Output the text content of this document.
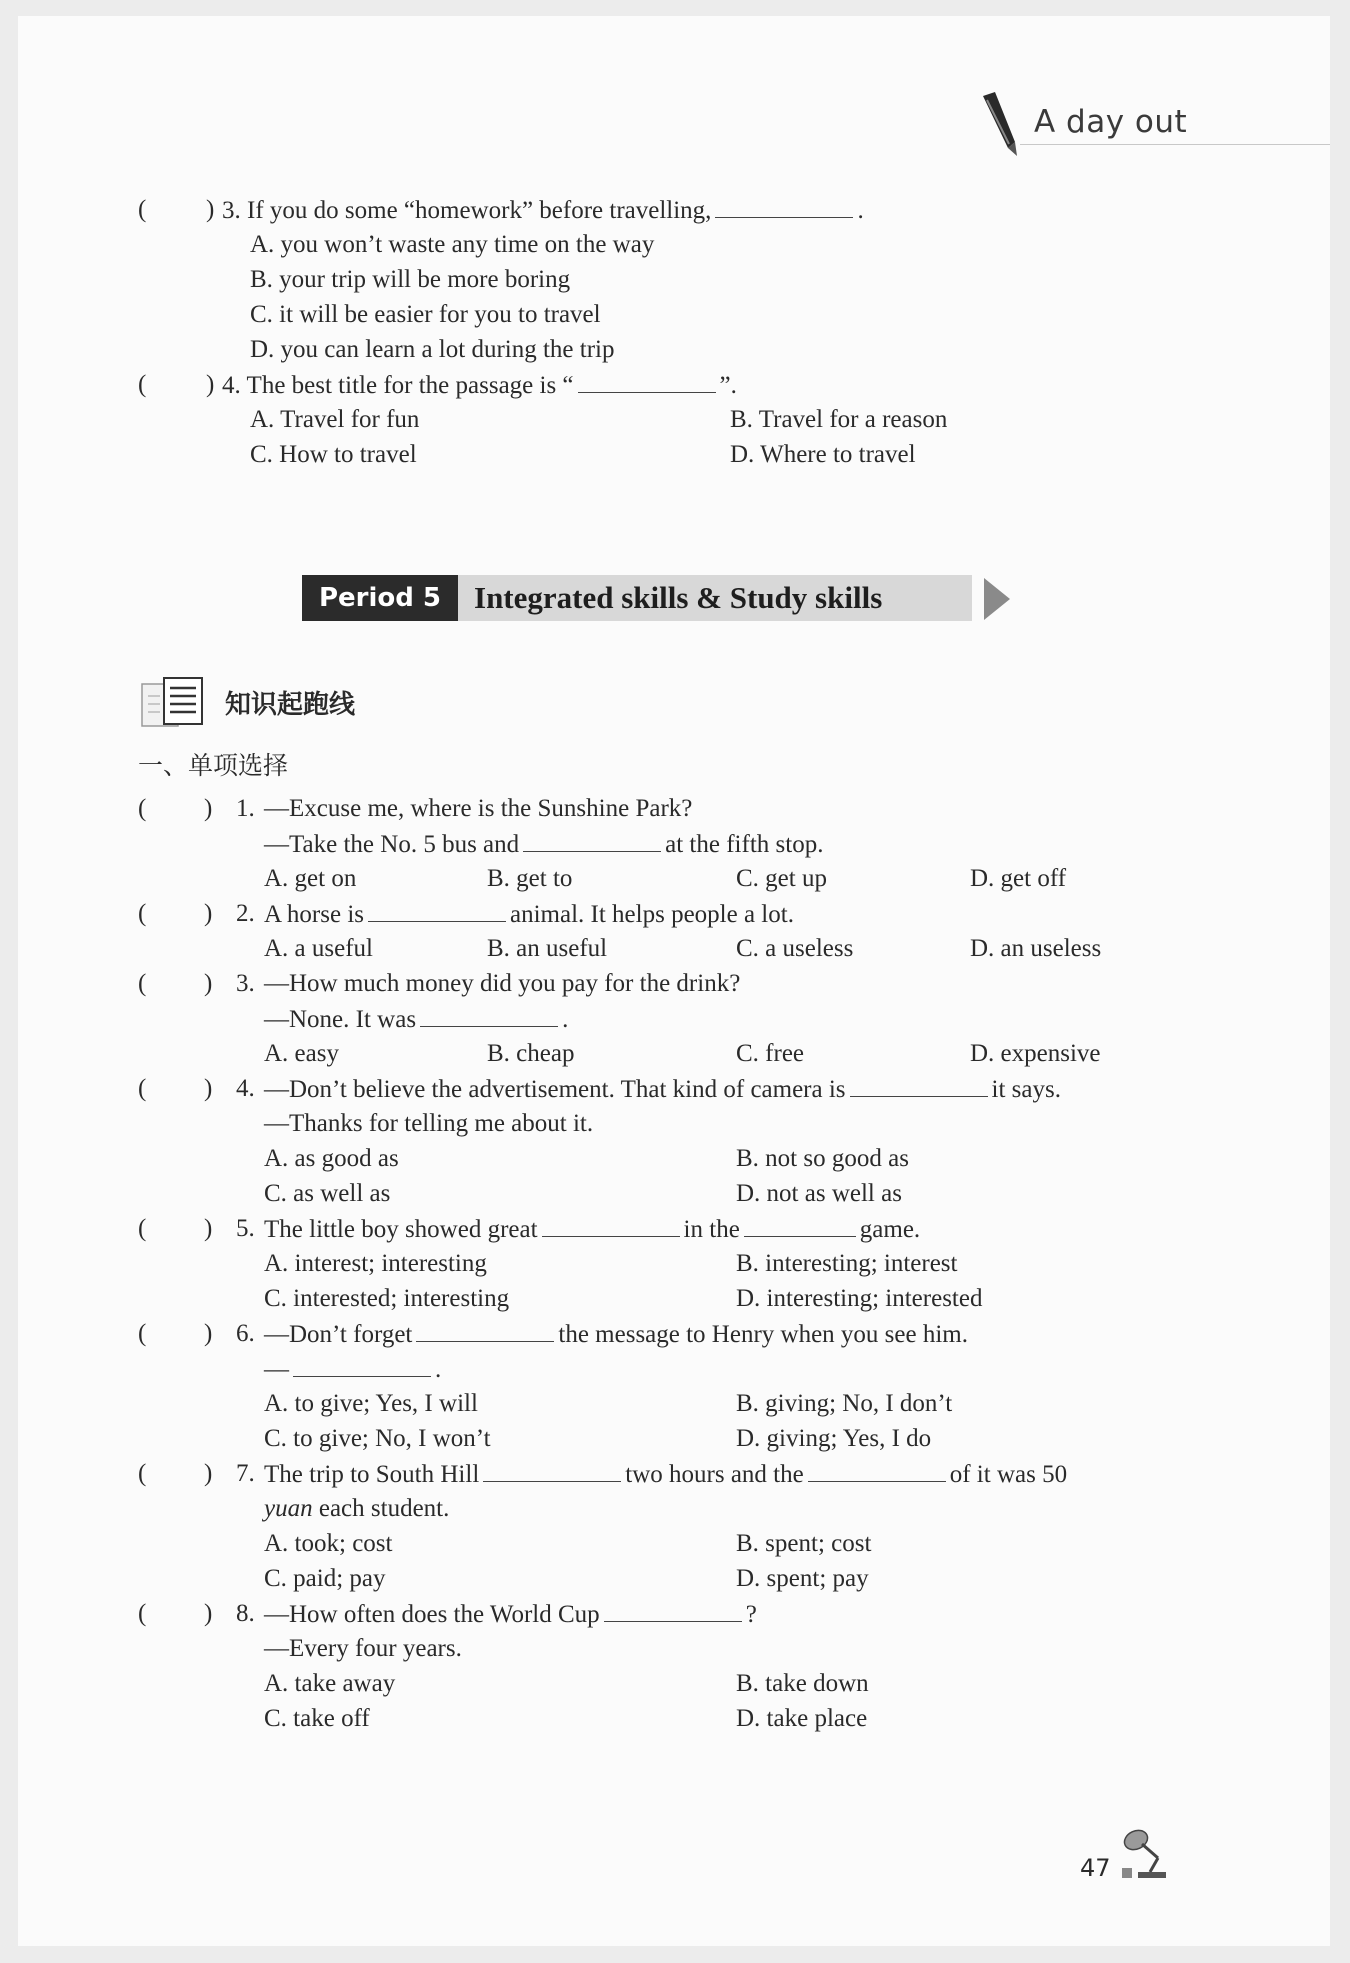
A day out
( ) 3. If you do some “homework” before travelling,	.
A. you won’t waste any time on the way
B. your trip will be more boring
C. it will be easier for you to travel
D. you can learn a lot during the trip
( ) 4. The best title for the passage is “	”.
A. Travel for fun	B. Travel for a reason
C. How to travel	D. Where to travel
Period 5	Integrated skills & Study skills
知识起跑线
一、单项选择
( ) 1. —Excuse me, where is the Sunshine Park?
—Take the No. 5 bus and	at the fifth stop.
A. get on	B. get to	C. get up	D. get off
( ) 2. A horse is	animal. It helps people a lot.
A. a useful	B. an useful	C. a useless	D. an useless
( ) 3. —How much money did you pay for the drink?
—None. It was	.
A. easy	B. cheap	C. free	D. expensive
( ) 4. —Don’t believe the advertisement. That kind of camera is	it says.
—Thanks for telling me about it.
A. as good as	B. not so good as
C. as well as	D. not as well as
( ) 5. The little boy showed great	in the	game.
A. interest; interesting	B. interesting; interest
C. interested; interesting	D. interesting; interested
( ) 6. —Don’t forget	the message to Henry when you see him.
—	.
A. to give; Yes, I will	B. giving; No, I don’t
C. to give; No, I won’t	D. giving; Yes, I do
( ) 7. The trip to South Hill	two hours and the	of it was 50
yuan each student.
A. took; cost	B. spent; cost
C. paid; pay	D. spent; pay
( ) 8. —How often does the World Cup	?
—Every four years.
A. take away	B. take down
C. take off	D. take place
47
